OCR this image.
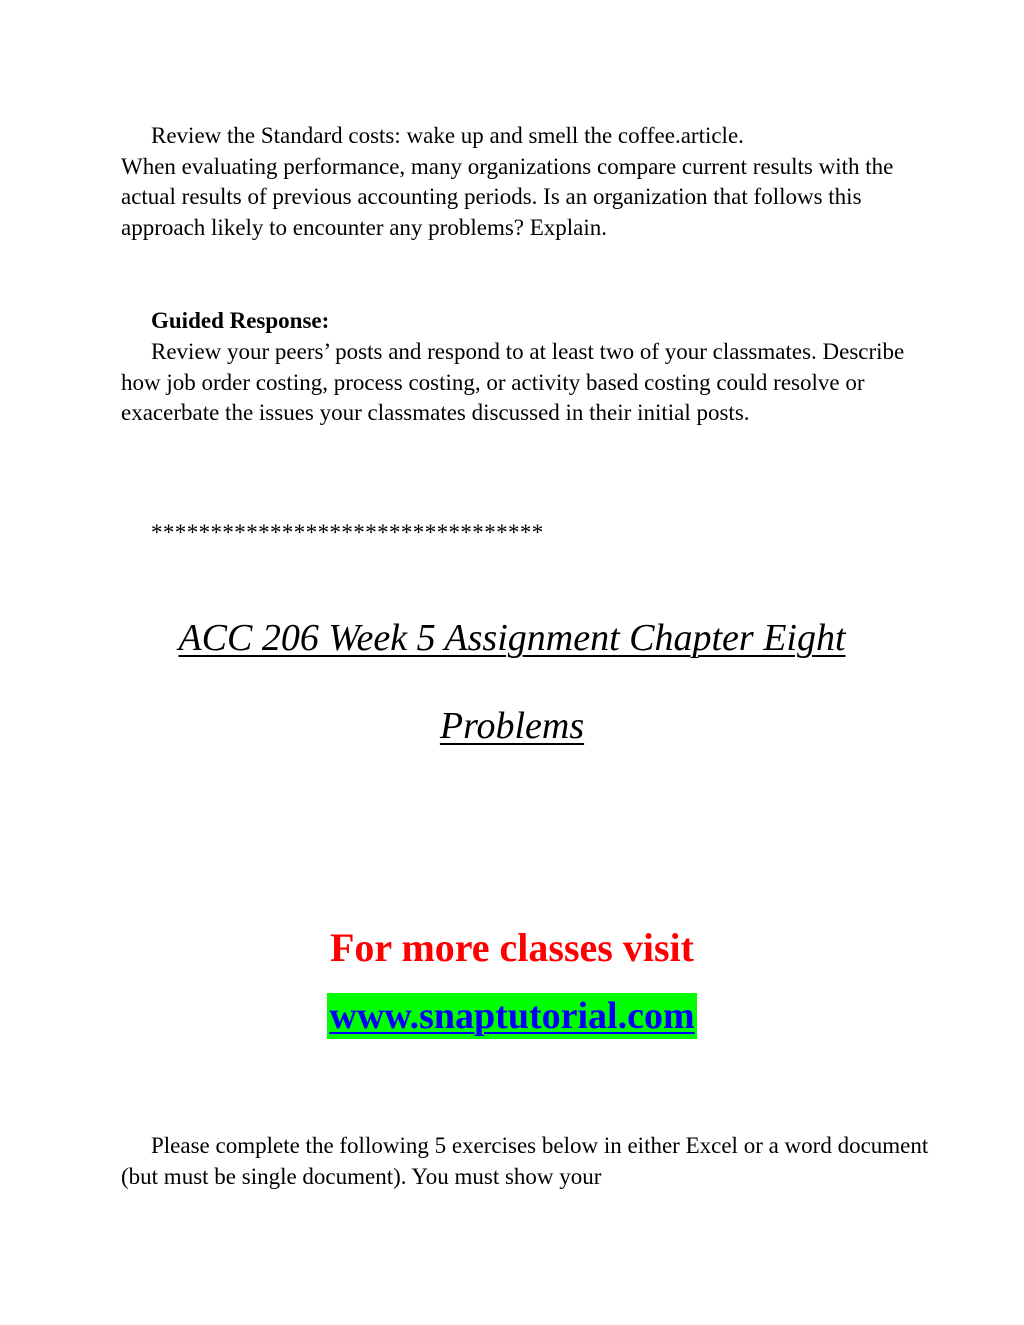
Review the Standard costs: wake up and smell the coffee.article.
When evaluating performance, many organizations compare current results with the actual results of previous accounting periods. Is an organization that follows this approach likely to encounter any problems? Explain.

Guided Response:

Review your peers’ posts and respond to at least two of your classmates. Describe how job order costing, process costing, or activity based costing could resolve or exacerbate the issues your classmates discussed in their initial posts.

*********************************
ACC 206 Week 5 Assignment Chapter Eight
Problems
For more classes visit
www.snaptutorial.com

Please complete the following 5 exercises below in either Excel or a word document (but must be single document). You must show your
